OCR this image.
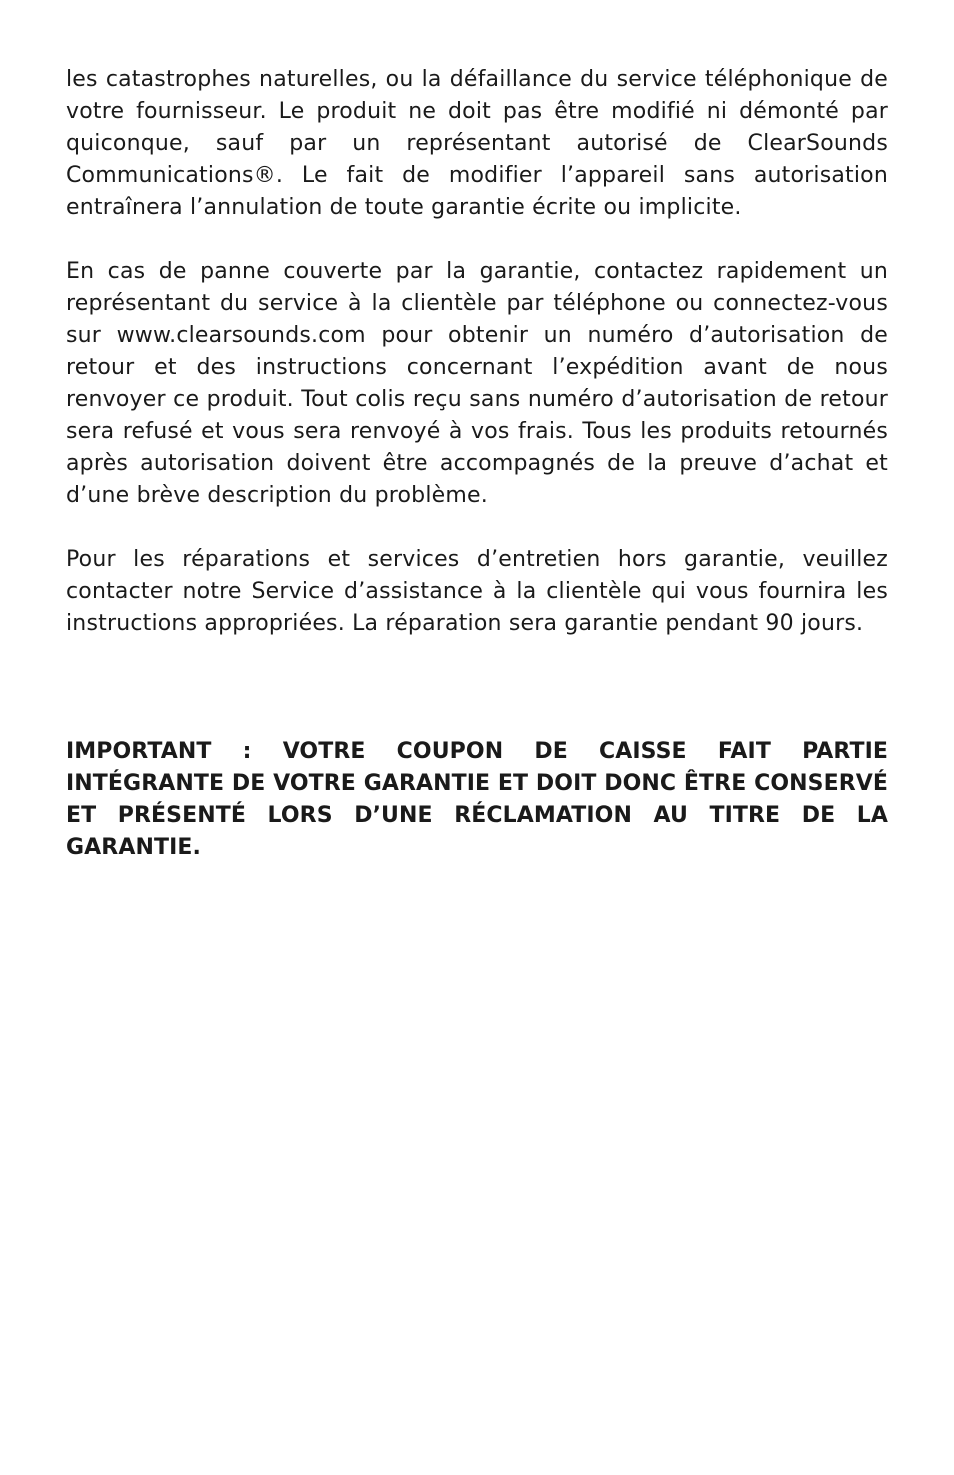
les catastrophes naturelles, ou la défaillance du service téléphonique de votre fournisseur. Le produit ne doit pas être modifié ni démonté par quiconque, sauf par un représentant autorisé de ClearSounds Communications®. Le fait de modifier l’appareil sans autorisation entraînera l’annulation de toute garantie écrite ou implicite.

En cas de panne couverte par la garantie, contactez rapidement un représentant du service à la clientèle par téléphone ou connectez-vous sur www.clearsounds.com pour obtenir un numéro d’autorisation de retour et des instructions concernant l’expédition avant de nous renvoyer ce produit. Tout colis reçu sans numéro d’autorisation de retour sera refusé et vous sera renvoyé à vos frais. Tous les produits retournés après autorisation doivent être accompagnés de la preuve d’achat et d’une brève description du problème.

Pour les réparations et services d’entretien hors garantie, veuillez contacter notre Service d’assistance à la clientèle qui vous fournira les instructions appropriées. La réparation sera garantie pendant 90 jours.

IMPORTANT : VOTRE COUPON DE CAISSE FAIT PARTIE INTÉGRANTE DE VOTRE GARANTIE ET DOIT DONC ÊTRE CONSERVÉ ET PRÉSENTÉ LORS D’UNE RÉCLAMATION AU TITRE DE LA GARANTIE.
